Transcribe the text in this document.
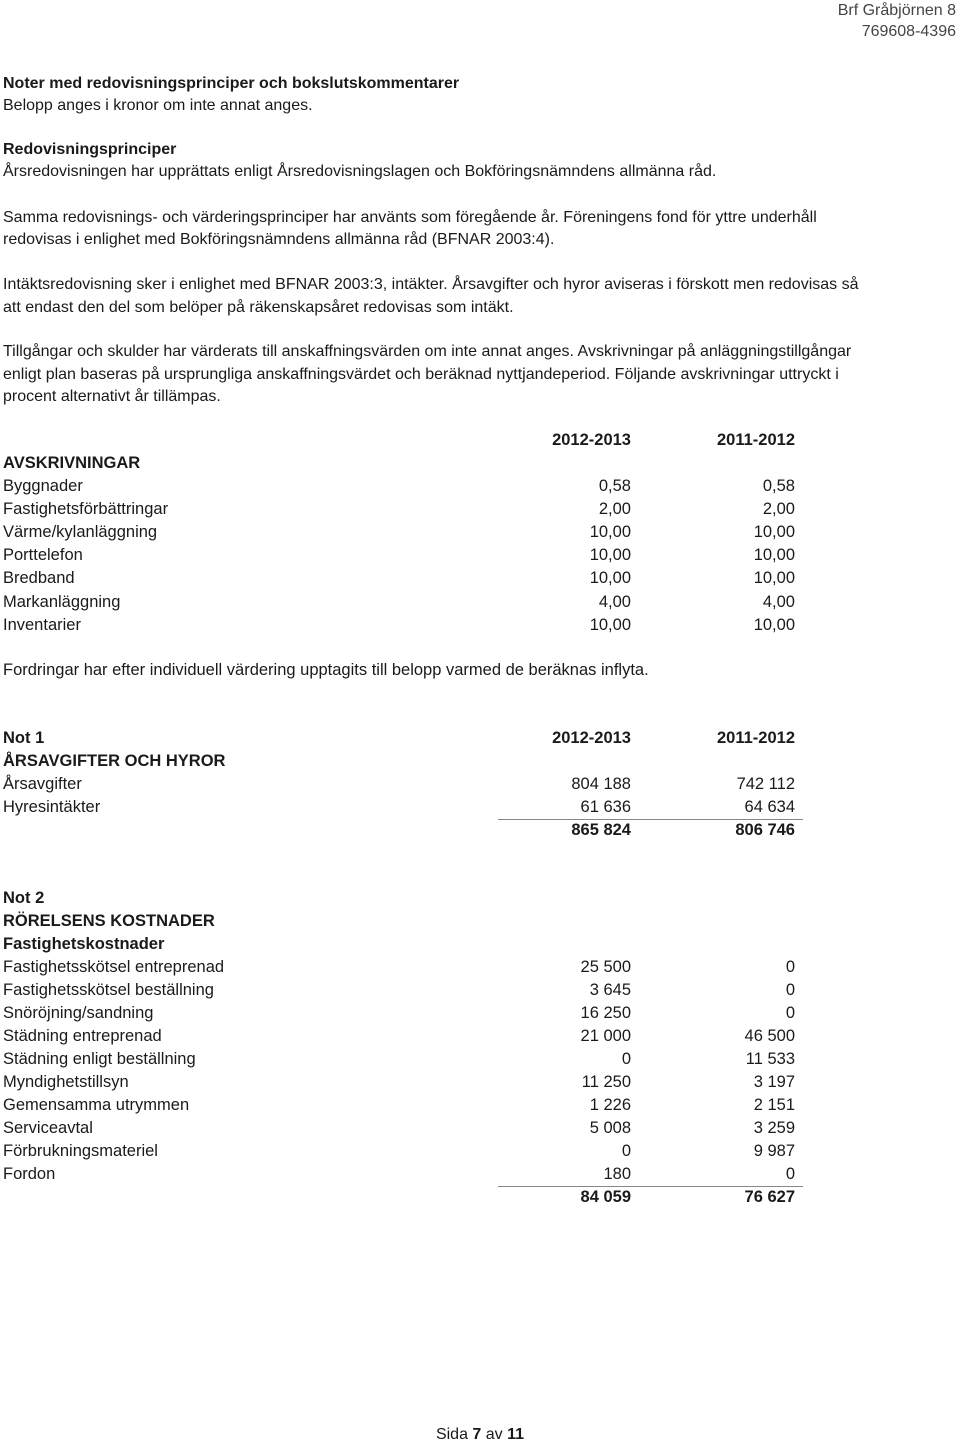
Brf Gråbjörnen 8
769608-4396

Noter med redovisningsprinciper och bokslutskommentarer

Belopp anges i kronor om inte annat anges.

Redovisningsprinciper

Årsredovisningen har upprättats enligt Årsredovisningslagen och Bokföringsnämndens allmänna råd.

Samma redovisnings- och värderingsprinciper har använts som föregående år. Föreningens fond för yttre underhåll

redovisas i enlighet med Bokföringsnämndens allmänna råd (BFNAR 2003:4).

Intäktsredovisning sker i enlighet med BFNAR 2003:3, intäkter. Årsavgifter och hyror aviseras i förskott men redovisas så

att endast den del som belöper på räkenskapsåret redovisas som intäkt.

Tillgångar och skulder har värderats till anskaffningsvärden om inte annat anges. Avskrivningar på anläggningstillgångar

enligt plan baseras på ursprungliga anskaffningsvärdet och beräknad nyttjandeperiod. Följande avskrivningar uttryckt i

procent alternativt år tillämpas.

2012-2013	2011-2012
AVSKRIVNINGAR
Byggnader	0,58	0,58
Fastighetsförbättringar	2,00	2,00
Värme/kylanläggning	10,00	10,00
Porttelefon	10,00	10,00
Bredband	10,00	10,00
Markanläggning	4,00	4,00
Inventarier	10,00	10,00

Fordringar har efter individuell värdering upptagits till belopp varmed de beräknas inflyta.

Not 1	2012-2013	2011-2012
ÅRSAVGIFTER OCH HYROR
Årsavgifter	804 188	742 112
Hyresintäkter	61 636	64 634
865 824	806 746
Not 2
RÖRELSENS KOSTNADER
Fastighetskostnader
Fastighetsskötsel entreprenad	25 500	0
Fastighetsskötsel beställning	3 645	0
Snöröjning/sandning	16 250	0
Städning entreprenad	21 000	46 500
Städning enligt beställning	0	11 533
Myndighetstillsyn	11 250	3 197
Gemensamma utrymmen	1 226	2 151
Serviceavtal	5 008	3 259
Förbrukningsmateriel	0	9 987
Fordon	180	0
84 059	76 627
Sida 7 av 11
